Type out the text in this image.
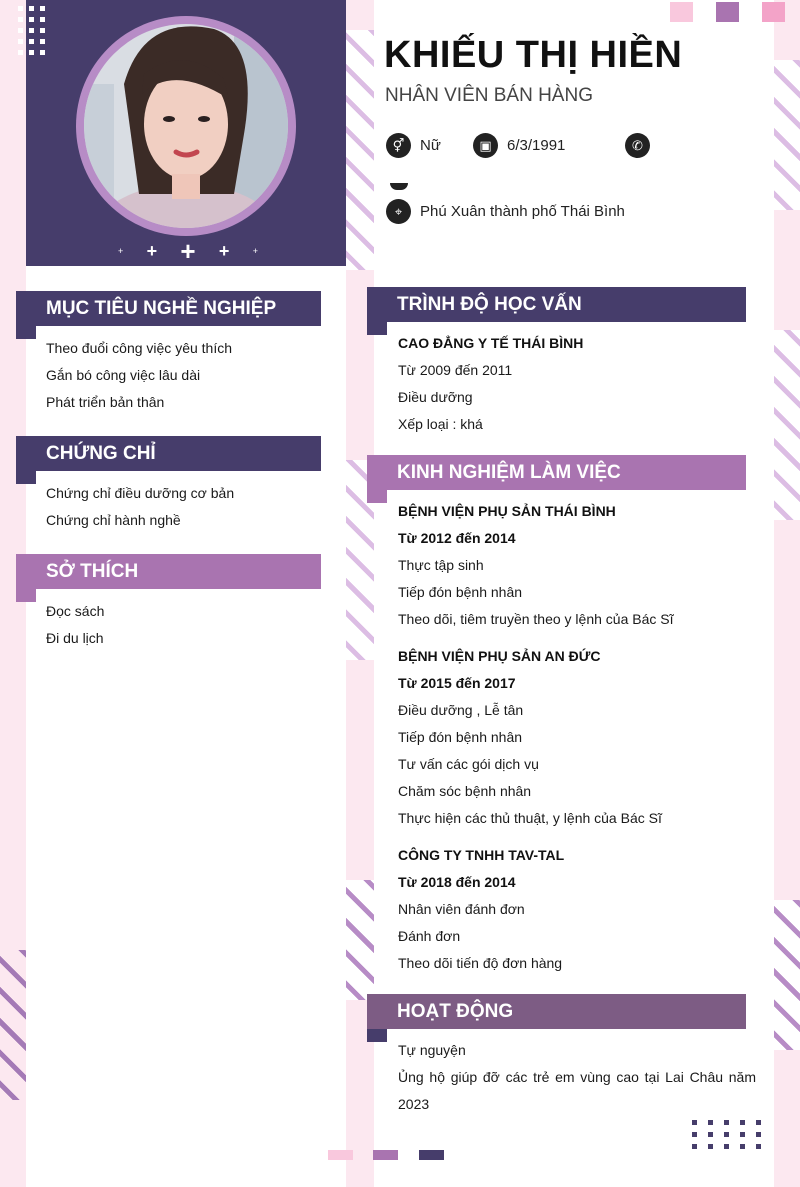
+ + + +	+
KHIẾU THỊ HIỀN
NHÂN VIÊN BÁN HÀNG
⚥	Nữ	▣	6/3/1991	✆
⌖	Phú Xuân thành phố Thái Bình
MỤC TIÊU NGHỀ NGHIỆP
Theo đuổi công việc yêu thích
Gắn bó công việc lâu dài
Phát triển bản thân
CHỨNG CHỈ
Chứng chỉ điều dưỡng cơ bản
Chứng chỉ hành nghề
SỞ THÍCH
Đọc sách
Đi du lịch
TRÌNH ĐỘ HỌC VẤN
CAO ĐẲNG Y TẾ THÁI BÌNH
Từ 2009 đến 2011
Điều dưỡng
Xếp loại : khá
KINH NGHIỆM LÀM VIỆC
BỆNH VIỆN PHỤ SẢN THÁI BÌNH
Từ 2012 đến 2014
Thực tập sinh
Tiếp đón bệnh nhân
Theo dõi, tiêm truyền theo y lệnh của Bác Sĩ
BỆNH VIỆN PHỤ SẢN AN ĐỨC
Từ 2015 đến 2017
Điều dưỡng , Lễ tân
Tiếp đón bệnh nhân
Tư vấn các gói dịch vụ
Chăm sóc bệnh nhân
Thực hiện các thủ thuật, y lệnh của Bác Sĩ
CÔNG TY TNHH TAV-TAL
Từ 2018 đến 2014
Nhân viên đánh đơn
Đánh đơn
Theo dõi tiến độ đơn hàng
HOẠT ĐỘNG
Tự nguyện
Ủng hộ giúp đỡ các trẻ em vùng cao tại Lai Châu năm 2023
